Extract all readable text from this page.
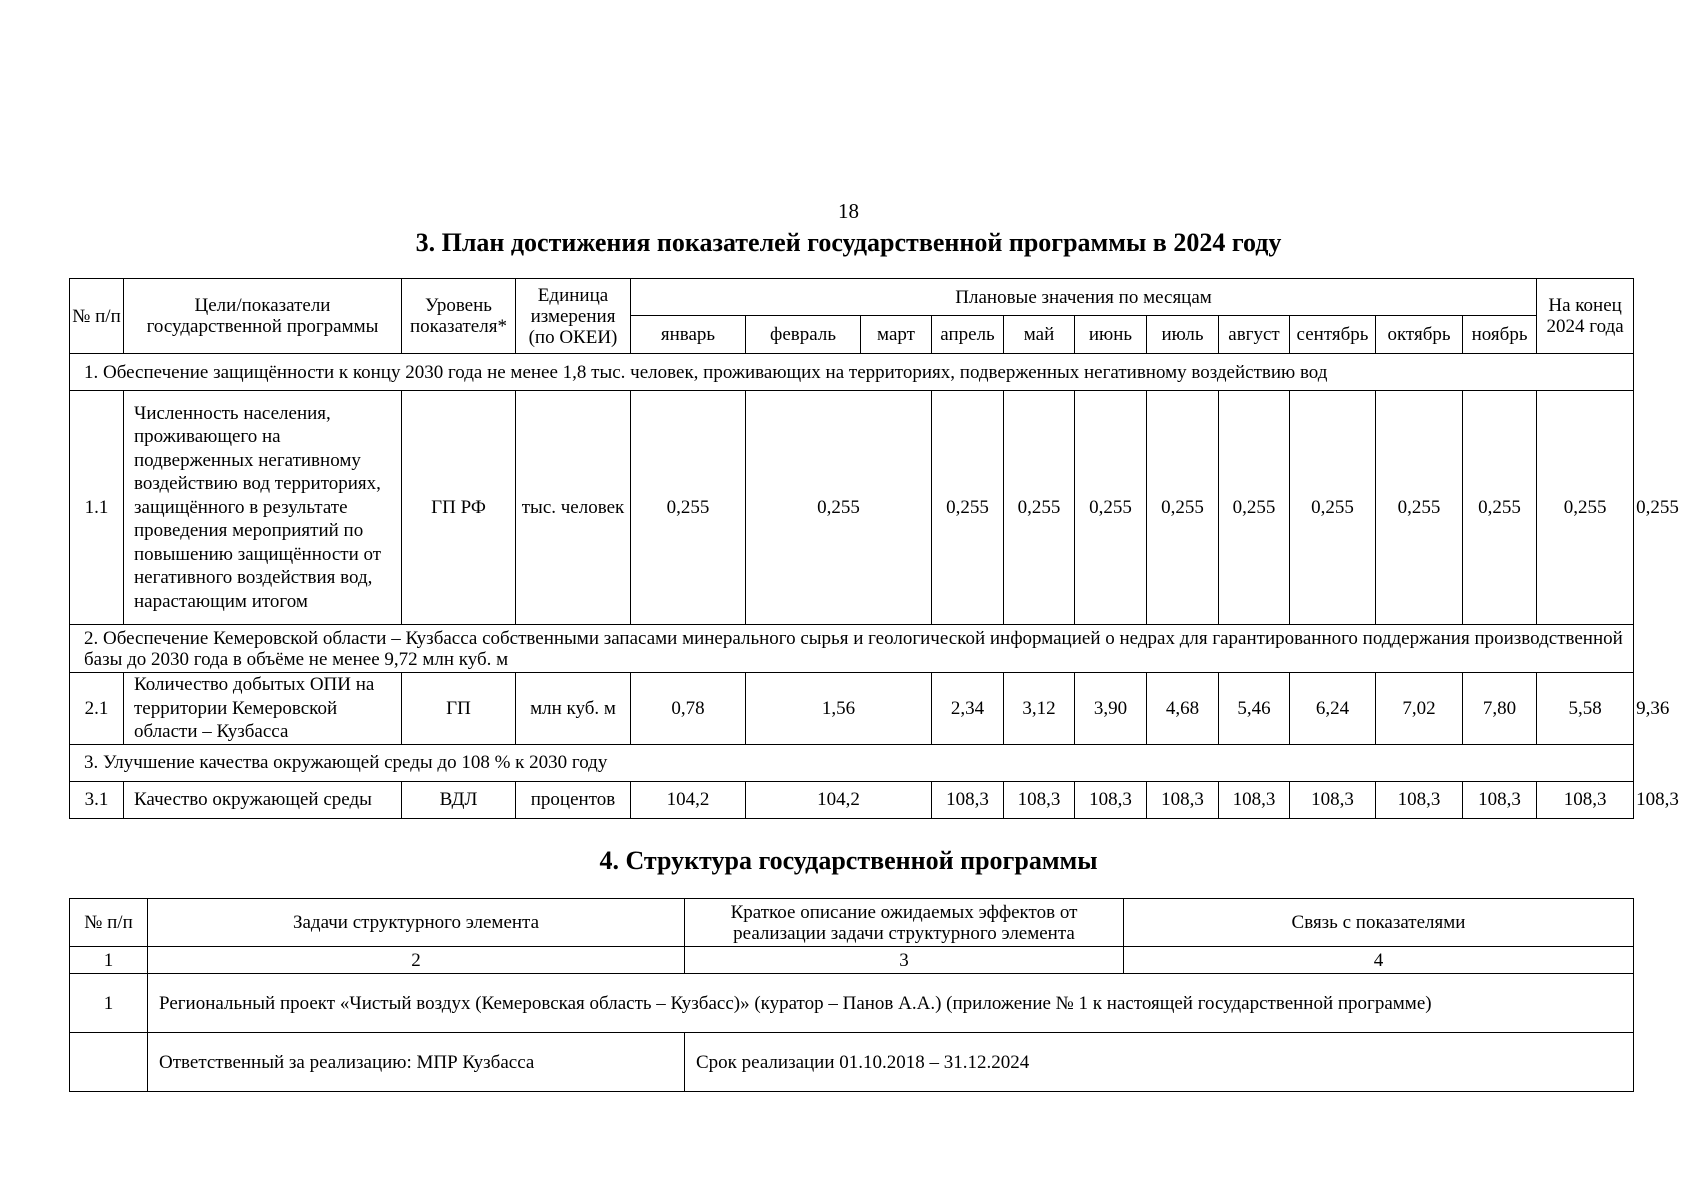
18
3. План достижения показателей государственной программы в 2024 году
№ п/п	Цели/показатели государственной программы	Уровень показателя*	Единица измерения (по ОКЕИ)	Плановые значения по месяцам											На конец 2024 года	
				январь	февраль	март	апрель	май	июнь	июль	август	сентябрь	октябрь	ноябрь		
1. Обеспечение защищённости к концу 2030 года не менее 1,8 тыс. человек, проживающих на территориях, подверженных негативному воздействию вод																
1.1	Численность населения, проживающего на подверженных негативному воздействию вод территориях, защищённого в результате проведения мероприятий по повышению защищённости от негативного воздействия вод, нарастающим итогом	ГП РФ	тыс. человек	0,255	0,255		0,255	0,255	0,255	0,255	0,255	0,255	0,255	0,255	0,255	0,255
2. Обеспечение Кемеровской области – Кузбасса собственными запасами минерального сырья и геологической информацией о недрах для гарантированного поддержания производственной базы до 2030 года в объёме не менее 9,72 млн куб. м																
2.1	Количество добытых ОПИ на территории Кемеровской области – Кузбасса	ГП	млн куб. м	0,78	1,56		2,34	3,12	3,90	4,68	5,46	6,24	7,02	7,80	5,58	9,36
3. Улучшение качества окружающей среды до 108 % к 2030 году																
3.1	Качество окружающей среды	ВДЛ	процентов	104,2	104,2		108,3	108,3	108,3	108,3	108,3	108,3	108,3	108,3	108,3	108,3
4. Структура государственной программы
№ п/п	Задачи структурного элемента	Краткое описание ожидаемых эффектов от реализации задачи структурного элемента	Связь с показателями
1	2	3	4
1	Региональный проект «Чистый воздух (Кемеровская область – Кузбасс)» (куратор – Панов А.А.) (приложение № 1 к настоящей государственной программе)		
	Ответственный за реализацию: МПР Кузбасса	Срок реализации 01.10.2018 – 31.12.2024	
